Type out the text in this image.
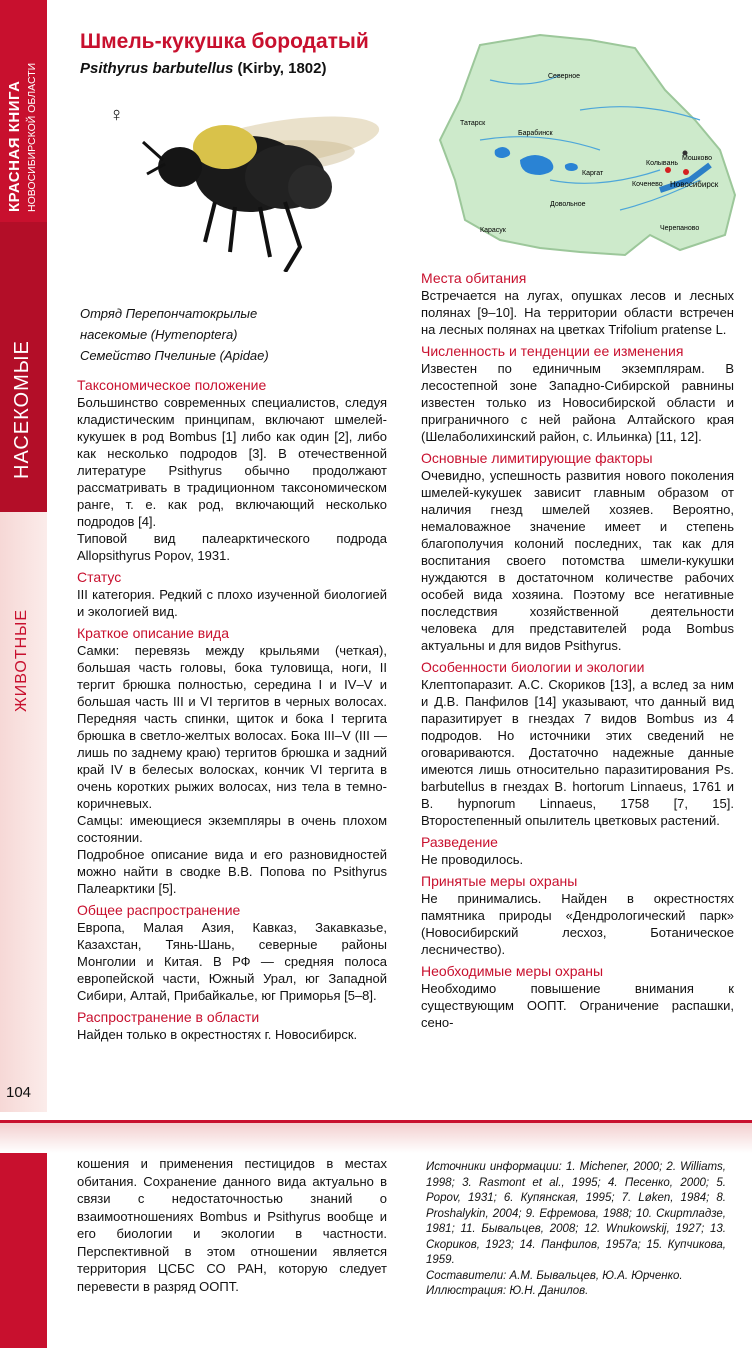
КРАСНАЯ КНИГА НОВОСИБИРСКОЙ ОБЛАСТИ
НАСЕКОМЫЕ
ЖИВОТНЫЕ
104
Шмель-кукушка бородатый
Psithyrus barbutellus (Kirby, 1802)
♀
Северное
Татарск
Барабинск
Каргат
Мошково
Колывань
Коченево Новосибирск
Довольное
Карасук	Черепаново
Отряд Перепончатокрылые
насекомые (Hymenoptera)
Семейство Пчелиные (Apidae)
Таксономическое положение

Большинство современных специалистов, следуя кладистическим принципам, включают шмелей-кукушек в род Bombus [1] либо как один [2], либо как несколько подродов [3]. В отечественной литературе Psithyrus обычно продолжают рассматривать в традиционном таксономическом ранге, т. е. как род, включающий несколько подродов [4].

Типовой вид палеарктического подрода Allopsithyrus Popov, 1931.

Статус

III категория. Редкий с плохо изученной биологией и экологией вид.

Краткое описание вида

Самки: перевязь между крыльями (четкая), большая часть головы, бока туловища, ноги, II тергит брюшка полностью, середина I и IV–V и большая часть III и VI тергитов в черных волосах. Передняя часть спинки, щиток и бока I тергита брюшка в светло-желтых волосах. Бока III–V (III — лишь по заднему краю) тергитов брюшка и задний край IV в белесых волосках, кончик VI тергита в очень коротких рыжих волосах, низ тела в темно-коричневых.

Самцы: имеющиеся экземпляры в очень плохом состоянии.

Подробное описание вида и его разновидностей можно найти в сводке В.В. Попова по Psithyrus Палеарктики [5].

Общее распространение

Европа, Малая Азия, Кавказ, Закавказье, Казахстан, Тянь-Шань, северные районы Монголии и Китая. В РФ — средняя полоса европейской части, Южный Урал, юг Западной Сибири, Алтай, Прибайкалье, юг Приморья [5–8].

Распространение в области

Найден только в окрестностях г. Новосибирск.

Места обитания

Встречается на лугах, опушках лесов и лесных полянах [9–10]. На территории области встречен на лесных полянах на цветках Trifolium pratense L.

Численность и тенденции ее изменения

Известен по единичным экземплярам. В лесостепной зоне Западно-Сибирской равнины известен только из Новосибирской области и приграничного с ней района Алтайского края (Шелаболихинский район, с. Ильинка) [11, 12].

Основные лимитирующие факторы

Очевидно, успешность развития нового поколения шмелей-кукушек зависит главным образом от наличия гнезд шмелей хозяев. Вероятно, немаловажное значение имеет и степень благополучия колоний последних, так как для воспитания своего потомства шмели-кукушки нуждаются в достаточном количестве рабочих особей вида хозяина. Поэтому все негативные последствия хозяйственной деятельности человека для представителей рода Bombus актуальны и для видов Psithyrus.

Особенности биологии и экологии

Клептопаразит. А.С. Скориков [13], а вслед за ним и Д.В. Панфилов [14] указывают, что данный вид паразитирует в гнездах 7 видов Bombus из 4 подродов. Но источники этих сведений не оговариваются. Достаточно надежные данные имеются лишь относительно паразитирования Ps. barbutellus в гнездах B. hortorum Linnaeus, 1761 и B. hypnorum Linnaeus, 1758 [7, 15]. Второстепенный опылитель цветковых растений.

Разведение

Не проводилось.

Принятые меры охраны

Не принимались. Найден в окрестностях памятника природы «Дендрологический парк» (Новосибирский лесхоз, Ботаническое лесничество).

Необходимые меры охраны

Необходимо повышение внимания к существующим ООПТ. Ограничение распашки, сено-

кошения и применения пестицидов в местах обитания. Сохранение данного вида актуально в связи с недостаточностью знаний о взаимоотношениях Bombus и Psithyrus вообще и его биологии и экологии в частности. Перспективной в этом отношении является территория ЦСБС СО РАН, которую следует перевести в разряд ООПТ.

Источники информации: 1. Michener, 2000; 2. Williams, 1998; 3. Rasmont et al., 1995; 4. Песенко, 2000; 5. Popov, 1931; 6. Купянская, 1995; 7. Løken, 1984; 8. Proshalykin, 2004; 9. Ефремова, 1988; 10. Скиртладзе, 1981; 11. Бывальцев, 2008; 12. Wnukowskij, 1927; 13. Скориков, 1923; 14. Панфилов, 1957а; 15. Купчикова, 1959.

Составители: А.М. Бывальцев, Ю.А. Юрченко.

Иллюстрация: Ю.Н. Данилов.
